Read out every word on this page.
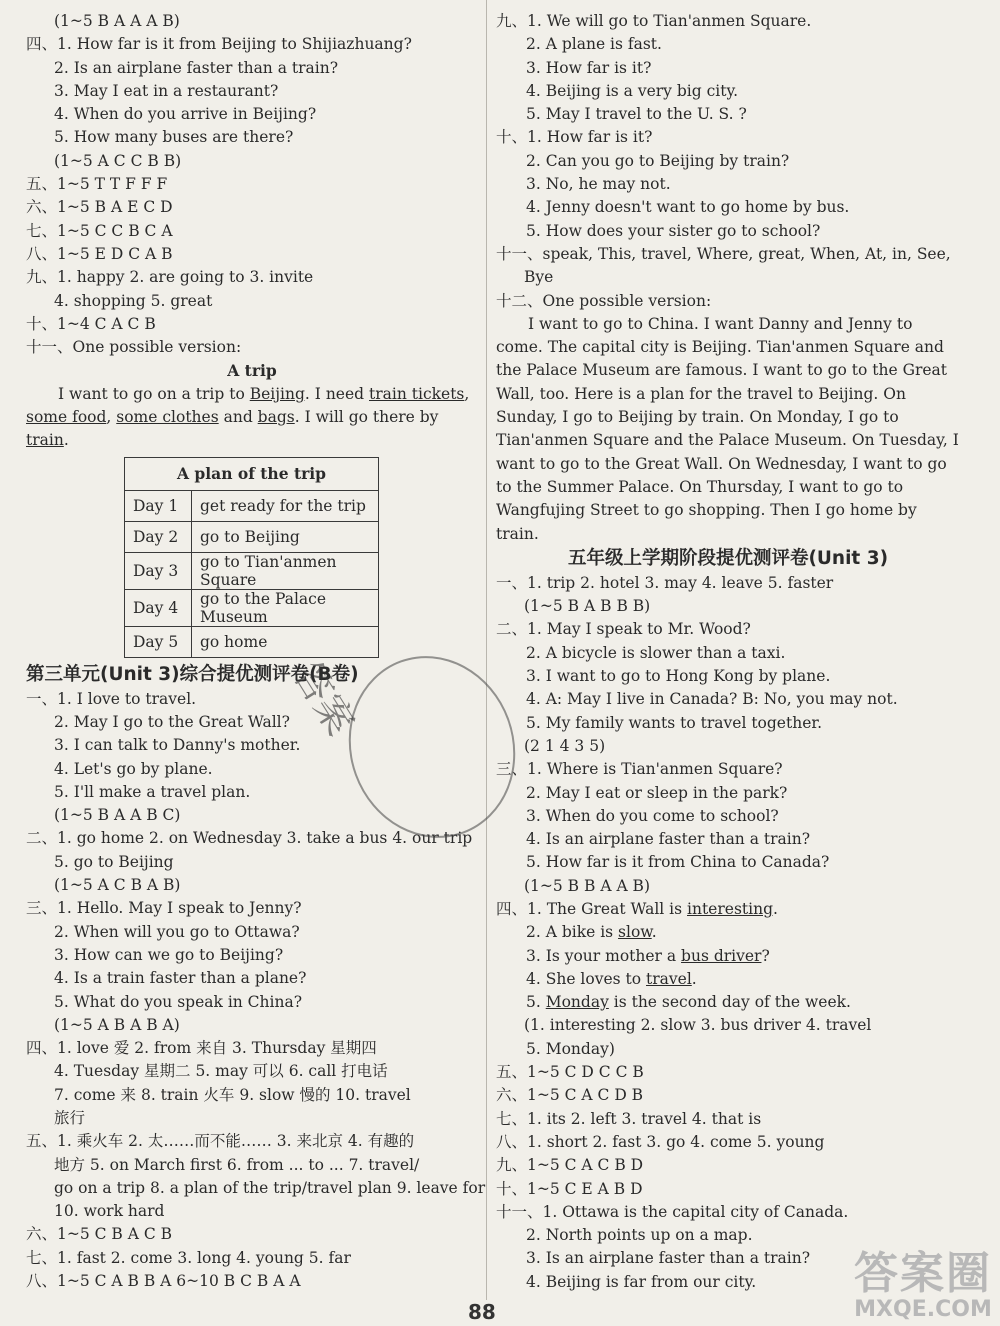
(1~5 B A A A B)
四、1. How far is it from Beijing to Shijiazhuang?
2. Is an airplane faster than a train?
3. May I eat in a restaurant?
4. When do you arrive in Beijing?
5. How many buses are there?
(1~5 A C C B B)
五、1~5 T T F F F
六、1~5 B A E C D
七、1~5 C C B C A
八、1~5 E D C A B
九、1. happy 2. are going to 3. invite
4. shopping 5. great
十、1~4 C A C B
十一、One possible version:
A trip
I want to go on a trip to Beijing. I need train tickets, some food, some clothes and bags. I will go there by train.
A plan of the trip	
Day 1	get ready for the trip
Day 2	go to Beijing
Day 3	go to Tian'anmen Square
Day 4	go to the Palace Museum
Day 5	go home
第三单元(Unit 3)综合提优测评卷(B卷)
一、1. I love to travel.
2. May I go to the Great Wall?
3. I can talk to Danny's mother.
4. Let's go by plane.
5. I'll make a travel plan.
(1~5 B A A B C)
二、1. go home 2. on Wednesday 3. take a bus 4. our trip
5. go to Beijing
(1~5 A C B A B)
三、1. Hello. May I speak to Jenny?
2. When will you go to Ottawa?
3. How can we go to Beijing?
4. Is a train faster than a plane?
5. What do you speak in China?
(1~5 A B A B A)
四、1. love 爱 2. from 来自 3. Thursday 星期四
4. Tuesday 星期二 5. may 可以 6. call 打电话
7. come 来 8. train 火车 9. slow 慢的 10. travel
旅行
五、1. 乘火车 2. 太……而不能…… 3. 来北京 4. 有趣的
地方 5. on March first 6. from ... to ... 7. travel/
go on a trip 8. a plan of the trip/travel plan 9. leave for
10. work hard
六、1~5 C B A C B
七、1. fast 2. come 3. long 4. young 5. far
八、1~5 C A B B A 6~10 B C B A A
九、1. We will go to Tian'anmen Square.
2. A plane is fast.
3. How far is it?
4. Beijing is a very big city.
5. May I travel to the U. S. ?
十、1. How far is it?
2. Can you go to Beijing by train?
3. No, he may not.
4. Jenny doesn't want to go home by bus.
5. How does your sister go to school?
十一、speak, This, travel, Where, great, When, At, in, See,
Bye
十二、One possible version:
I want to go to China. I want Danny and Jenny to come. The capital city is Beijing. Tian'anmen Square and the Palace Museum are famous. I want to go to the Great Wall, too. Here is a plan for the travel to Beijing. On Sunday, I go to Beijing by train. On Monday, I go to Tian'anmen Square and the Palace Museum. On Tuesday, I want to go to the Great Wall. On Wednesday, I want to go to the Summer Palace. On Thursday, I want to go to Wangfujing Street to go shopping. Then I go home by train.
五年级上学期阶段提优测评卷(Unit 3)
一、1. trip 2. hotel 3. may 4. leave 5. faster
(1~5 B A B B B)
二、1. May I speak to Mr. Wood?
2. A bicycle is slower than a taxi.
3. I want to go to Hong Kong by plane.
4. A: May I live in Canada? B: No, you may not.
5. My family wants to travel together.
(2 1 4 3 5)
三、1. Where is Tian'anmen Square?
2. May I eat or sleep in the park?
3. When do you come to school?
4. Is an airplane faster than a train?
5. How far is it from China to Canada?
(1~5 B B A A B)
四、1. The Great Wall is interesting.
2. A bike is slow.
3. Is your mother a bus driver?
4. She loves to travel.
5. Monday is the second day of the week.
(1. interesting 2. slow 3. bus driver 4. travel
5. Monday)
五、1~5 C D C C B
六、1~5 C A C D B
七、1. its 2. left 3. travel 4. that is
八、1. short 2. fast 3. go 4. come 5. young
九、1~5 C A C B D
十、1~5 C E A B D
十一、1. Ottawa is the capital city of Canada.
2. North points up on a map.
3. Is an airplane faster than a train?
4. Beijing is far from our city.
答案
88
答案圈
MXQE.COM
